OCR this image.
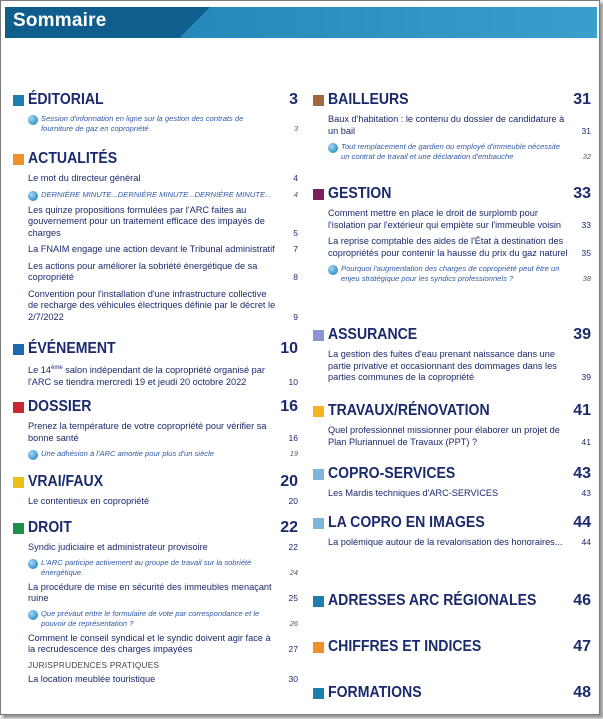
Sommaire
ÉDITORIAL	3
Session d'information en ligne sur la gestion des contrats de fourniture de gaz en copropriété	3
ACTUALITÉS
Le mot du directeur général	4
DERNIÈRE MINUTE...DERNIÈRE MINUTE...DERNIÈRE MINUTE...	4
Les quinze propositions formulées par l'ARC faites au gouvernement pour un traitement efficace des impayés de charges	5
La FNAIM engage une action devant le Tribunal administratif	7
Les actions pour améliorer la sobriété énergétique de sa copropriété	8
Convention pour l'installation d'une infrastructure collective de recharge des véhicules électriques définie par le décret le 2/7/2022	9
ÉVÉNEMENT	10
Le 14ème salon indépendant de la copropriété organisé par l'ARC se tiendra mercredi 19 et jeudi 20 octobre 2022	10
DOSSIER	16
Prenez la température de votre copropriété pour vérifier sa bonne santé	16
Une adhésion à l'ARC amortie pour plus d'un siècle	19
VRAI/FAUX	20
Le contentieux en copropriété	20
DROIT	22
Syndic judiciaire et administrateur provisoire	22
L'ARC participe activement au groupe de travail sur la sobriété énergétique.	24
La procédure de mise en sécurité des immeubles menaçant ruine	25
Que prévaut entre le formulaire de vote par correspondance et le pouvoir de représentation ?	26
Comment le conseil syndical et le syndic doivent agir face à la recrudescence des charges impayées	27
JURISPRUDENCES PRATIQUES
La location meublée touristique	30
BAILLEURS	31
Baux d'habitation : le contenu du dossier de candidature à un bail	31
Tout remplacement de gardien ou employé d'immeuble nécessite un contrat de travail et une déclaration d'embauche	32
GESTION	33
Comment mettre en place le droit de surplomb pour l'isolation par l'extérieur qui empiète sur l'immeuble voisin	33
La reprise comptable des aides de l'État à destination des copropriétés pour contenir la hausse du prix du gaz naturel	35
Pourquoi l'augmentation des charges de copropriété peut être un enjeu stratégique pour les syndics professionnels ?	38
ASSURANCE	39
La gestion des fuites d'eau prenant naissance dans une partie privative et occasionnant des dommages dans les parties communes de la copropriété	39
TRAVAUX/RÉNOVATION	41
Quel professionnel missionner pour élaborer un projet de Plan Pluriannuel de Travaux (PPT) ?	41
COPRO-SERVICES	43
Les Mardis techniques d'ARC-SERVICES	43
LA COPRO EN IMAGES	44
La polémique autour de la revalorisation des honoraires...	44
ADRESSES ARC RÉGIONALES 46
CHIFFRES ET INDICES	47
FORMATIONS	48
